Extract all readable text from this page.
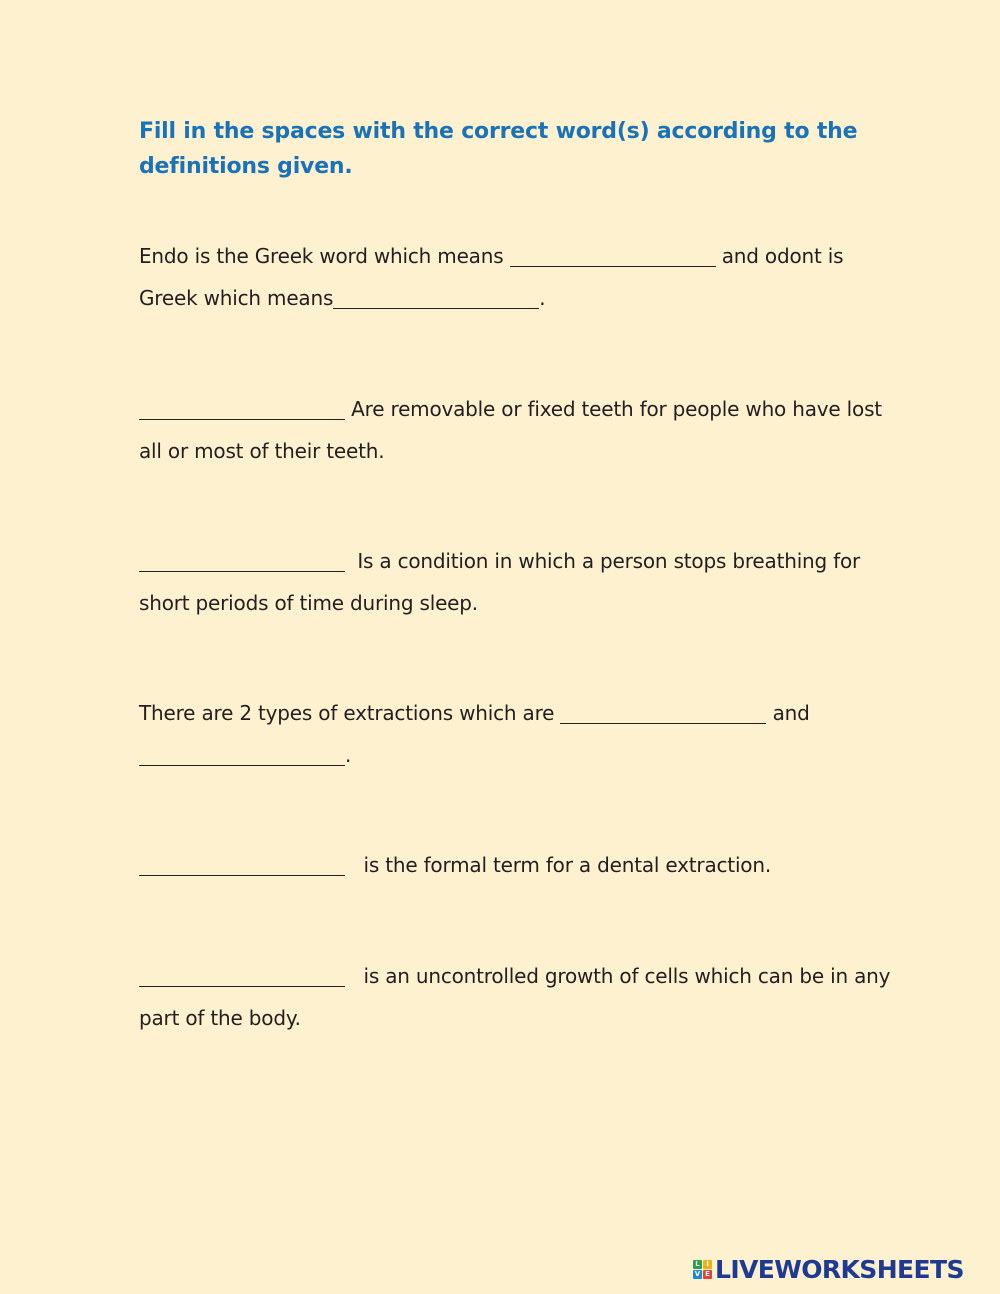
Fill in the spaces with the correct word(s) according to the definitions given.

Endo is the Greek word which means	and odont is Greek which means	.

Are removable or fixed teeth for people who have lost all or most of their teeth.

Is a condition in which a person stops breathing for short periods of time during sleep.

There are 2 types of extractions which are	and .

is the formal term for a dental extraction.

is an uncontrolled growth of cells which can be in any part of the body.

L I
V E LIVEWORKSHEETS
